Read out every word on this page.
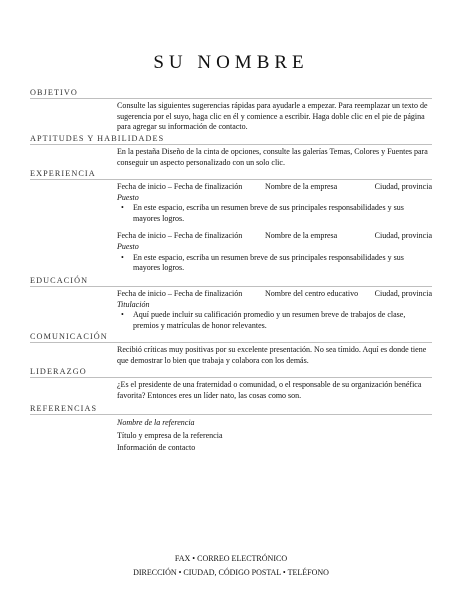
SU NOMBRE
OBJETIVO
Consulte las siguientes sugerencias rápidas para ayudarle a empezar. Para reemplazar un texto de sugerencia por el suyo, haga clic en él y comience a escribir. Haga doble clic en el pie de página para agregar su información de contacto.
APTITUDES Y HABILIDADES
En la pestaña Diseño de la cinta de opciones, consulte las galerías Temas, Colores y Fuentes para conseguir un aspecto personalizado con un solo clic.
EXPERIENCIA
Fecha de inicio – Fecha de finalización	Nombre de la empresa	Ciudad, provincia
Puesto
• En este espacio, escriba un resumen breve de sus principales responsabilidades y sus mayores logros.
Fecha de inicio – Fecha de finalización	Nombre de la empresa	Ciudad, provincia
Puesto
• En este espacio, escriba un resumen breve de sus principales responsabilidades y sus mayores logros.
EDUCACIÓN
Fecha de inicio – Fecha de finalización	Nombre del centro educativo	Ciudad, provincia
Titulación
• Aquí puede incluir su calificación promedio y un resumen breve de trabajos de clase, premios y matrículas de honor relevantes.
COMUNICACIÓN
Recibió críticas muy positivas por su excelente presentación. No sea tímido. Aquí es donde tiene que demostrar lo bien que trabaja y colabora con los demás.
LIDERAZGO
¿Es el presidente de una fraternidad o comunidad, o el responsable de su organización benéfica favorita? Entonces eres un líder nato, las cosas como son.
REFERENCIAS
Nombre de la referencia
Título y empresa de la referencia
Información de contacto
FAX • CORREO ELECTRÓNICO
DIRECCIÓN • CIUDAD, CÓDIGO POSTAL • TELÉFONO
